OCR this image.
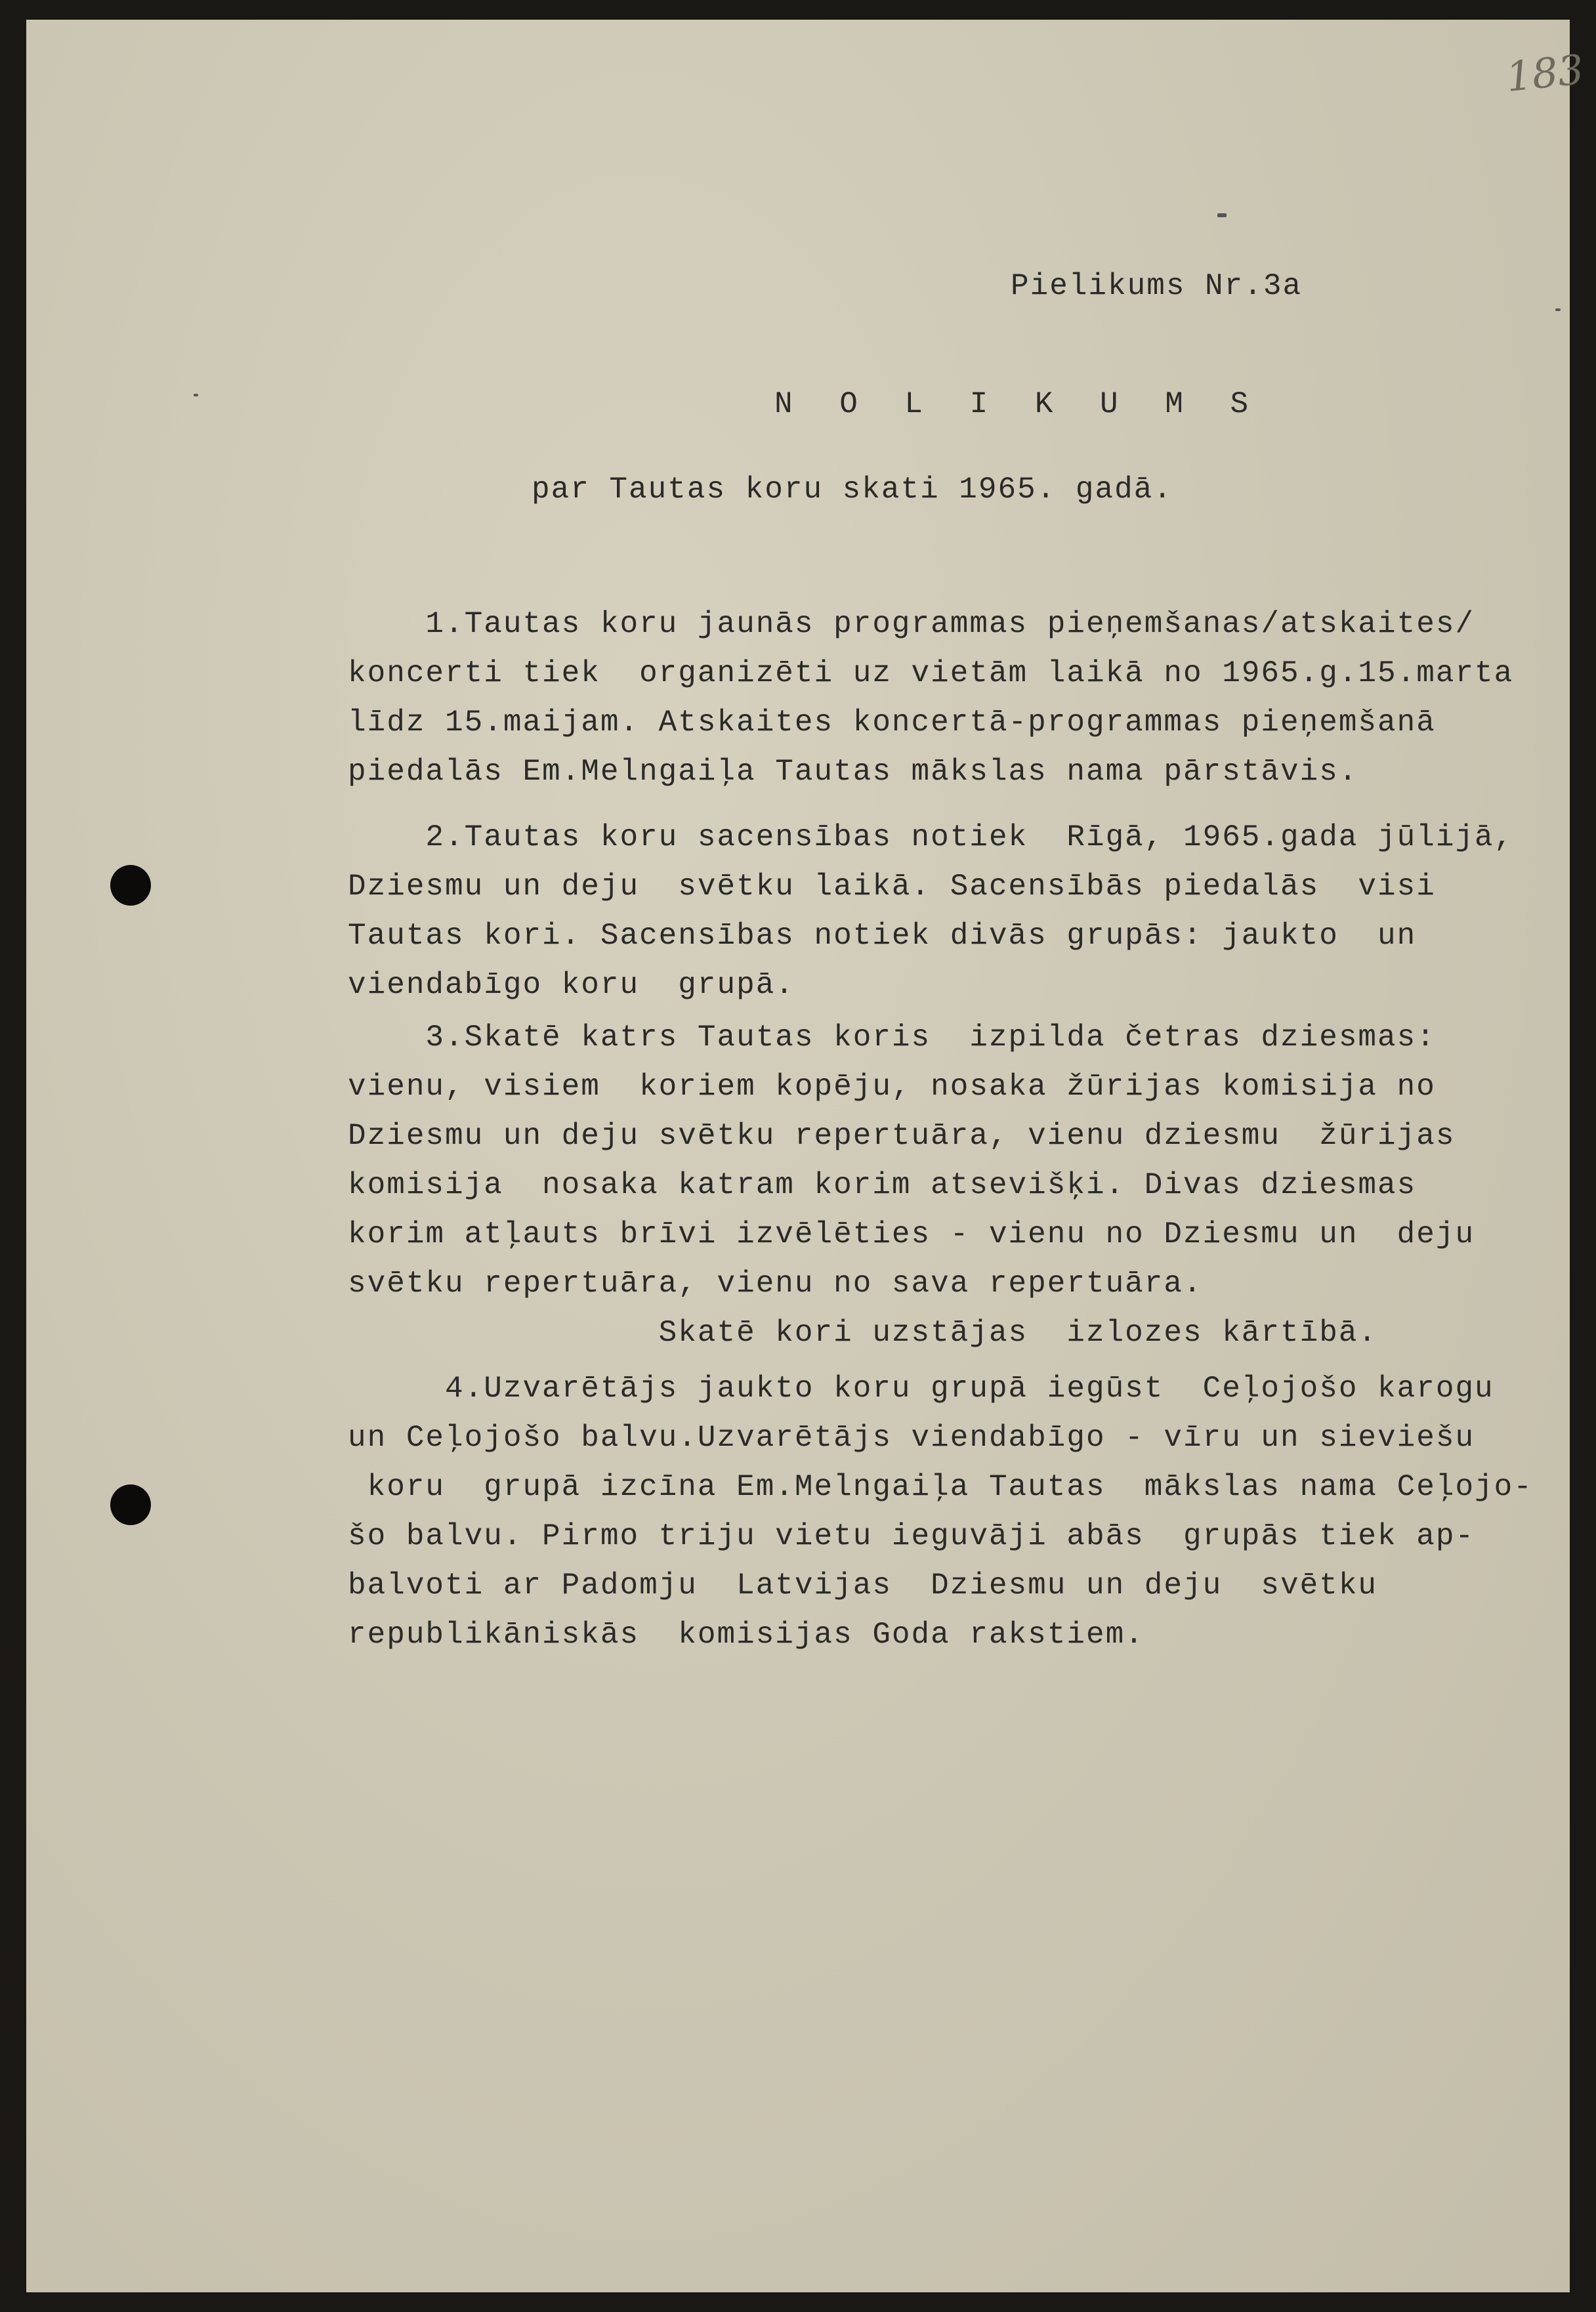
183
Pielikums Nr.3a
N O L I K U M S
par Tautas koru skati 1965. gadā.
1.Tautas koru jaunās programmas pieņemšanas/atskaites/
koncerti tiek  organizēti uz vietām laikā no 1965.g.15.marta
līdz 15.maijam. Atskaites koncertā-programmas pieņemšanā
piedalās Em.Melngaiļa Tautas mākslas nama pārstāvis.
2.Tautas koru sacensības notiek  Rīgā, 1965.gada jūlijā,
Dziesmu un deju  svētku laikā. Sacensībās piedalās  visi
Tautas kori. Sacensības notiek divās grupās: jaukto  un
viendabīgo koru  grupā.
3.Skatē katrs Tautas koris  izpilda četras dziesmas:
vienu, visiem  koriem kopēju, nosaka žūrijas komisija no
Dziesmu un deju svētku repertuāra, vienu dziesmu  žūrijas
komisija  nosaka katram korim atsevišķi. Divas dziesmas
korim atļauts brīvi izvēlēties - vienu no Dziesmu un  deju
svētku repertuāra, vienu no sava repertuāra.
Skatē kori uzstājas  izlozes kārtībā.
4.Uzvarētājs jaukto koru grupā iegūst  Ceļojošo karogu
un Ceļojošo balvu.Uzvarētājs viendabīgo - vīru un sieviešu
koru  grupā izcīna Em.Melngaiļa Tautas  mākslas nama Ceļojo-
šo balvu. Pirmo triju vietu ieguvāji abās  grupās tiek ap-
balvoti ar Padomju  Latvijas  Dziesmu un deju  svētku
republikāniskās  komisijas Goda rakstiem.
